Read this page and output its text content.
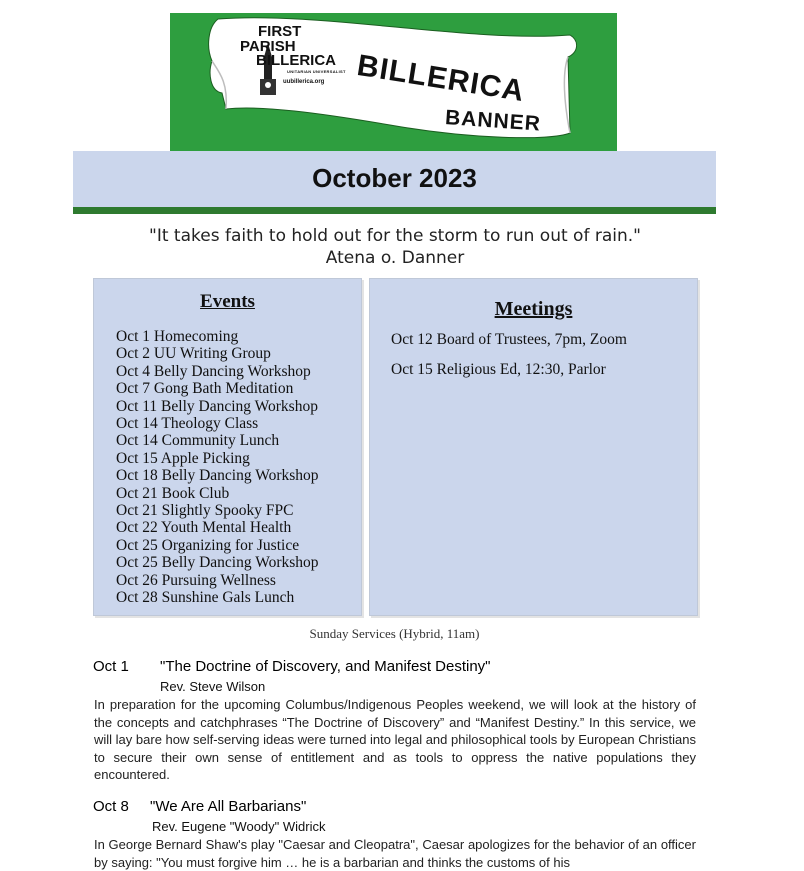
FIRST
PARISH
BILLERICA
UNITARIAN UNIVERSALIST
uubillerica.org BILLERICA
BANNER
October 2023
"It takes faith to hold out for the storm to run out of rain."
Atena o. Danner
Events
Oct 1 Homecoming
Oct 2 UU Writing Group
Oct 4 Belly Dancing Workshop
Oct 7 Gong Bath Meditation
Oct 11 Belly Dancing Workshop
Oct 14 Theology Class
Oct 14 Community Lunch
Oct 15 Apple Picking
Oct 18 Belly Dancing Workshop
Oct 21 Book Club
Oct 21 Slightly Spooky FPC
Oct 22 Youth Mental Health
Oct 25 Organizing for Justice
Oct 25 Belly Dancing Workshop
Oct 26 Pursuing Wellness
Oct 28 Sunshine Gals Lunch
Meetings
Oct 12 Board of Trustees, 7pm, Zoom
Oct 15 Religious Ed, 12:30, Parlor
Sunday Services (Hybrid, 11am)
Oct 1 "The Doctrine of Discovery, and Manifest Destiny"
Rev. Steve Wilson

In preparation for the upcoming Columbus/Indigenous Peoples weekend, we will look at the history of the concepts and catchphrases “The Doctrine of Discovery” and “Manifest Destiny.” In this service, we will lay bare how self-serving ideas were turned into legal and philosophical tools by European Christians to secure their own sense of entitlement and as tools to oppress the native populations they encountered.

Oct 8 "We Are All Barbarians"
Rev. Eugene "Woody" Widrick

In George Bernard Shaw's play "Caesar and Cleopatra", Caesar apologizes for the behavior of an officer by saying: "You must forgive him … he is a barbarian and thinks the customs of his
